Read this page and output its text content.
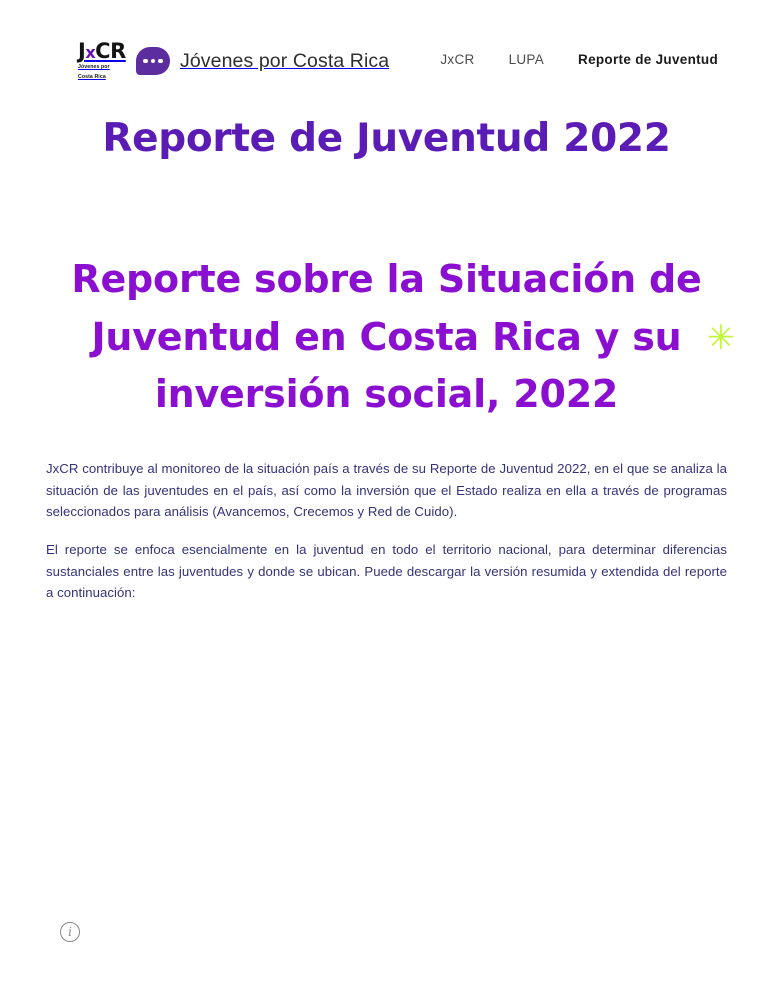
JxCR
Jóvenes por
Costa Rica
Jóvenes por Costa Rica	JxCR	LUPA	Reporte de Juventud
Reporte de Juventud 2022
Reporte sobre la Situación de Juventud en Costa Rica y su inversión social, 2022
✳

JxCR contribuye al monitoreo de la situación país a través de su Reporte de Juventud 2022, en el que se analiza la situación de las juventudes en el país, así como la inversión que el Estado realiza en ella a través de programas seleccionados para análisis (Avancemos, Crecemos y Red de Cuido).

El reporte se enfoca esencialmente en la juventud en todo el territorio nacional, para determinar diferencias sustanciales entre las juventudes y donde se ubican. Puede descargar la versión resumida y extendida del reporte a continuación:

i
